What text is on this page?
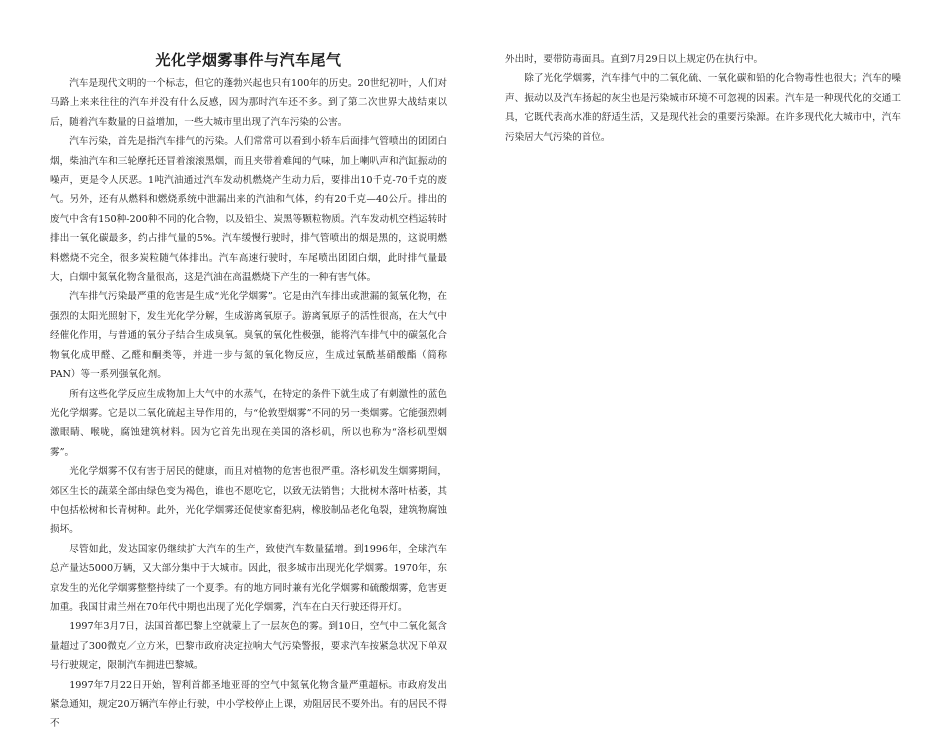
光化学烟雾事件与汽车尾气

汽车是现代文明的一个标志，但它的蓬勃兴起也只有100年的历史。20世纪初叶，人们对马路上来来往往的汽车并没有什么反感，因为那时汽车还不多。到了第二次世界大战结束以后，随着汽车数量的日益增加，一些大城市里出现了汽车污染的公害。

汽车污染，首先是指汽车排气的污染。人们常常可以看到小轿车后面排气管喷出的团团白烟，柴油汽车和三轮摩托还冒着滚滚黑烟，而且夹带着难闻的气味，加上喇叭声和汽缸振动的噪声，更是令人厌恶。1吨汽油通过汽车发动机燃烧产生动力后，要排出10千克-70千克的废气。另外，还有从燃料和燃烧系统中泄漏出来的汽油和气体，约有20千克—40公斤。排出的废气中含有150种-200种不同的化合物，以及铅尘、炭黑等颗粒物质。汽车发动机空档运转时排出一氧化碳最多，约占排气量的5%。汽车缓慢行驶时，排气管喷出的烟是黑的，这说明燃料燃烧不完全，很多炭粒随气体排出。汽车高速行驶时，车尾喷出团团白烟，此时排气量最大，白烟中氮氧化物含量很高，这是汽油在高温燃烧下产生的一种有害气体。

汽车排气污染最严重的危害是生成“光化学烟雾”。它是由汽车排出或泄漏的氮氧化物，在强烈的太阳光照射下，发生光化学分解，生成游离氧原子。游离氧原子的活性很高，在大气中经催化作用，与普通的氧分子结合生成臭氧。臭氧的氧化性极强，能将汽车排气中的碳氢化合物氧化成甲醛、乙醛和酮类等，并进一步与氮的氧化物反应，生成过氧酰基硝酸酯（简称PAN）等一系列强氧化剂。

所有这些化学反应生成物加上大气中的水蒸气，在特定的条件下就生成了有刺激性的蓝色光化学烟雾。它是以二氧化硫起主导作用的，与“伦敦型烟雾”不同的另一类烟雾。它能强烈刺激眼睛、喉咙，腐蚀建筑材料。因为它首先出现在美国的洛杉矶，所以也称为“洛杉矶型烟雾”。

光化学烟雾不仅有害于居民的健康，而且对植物的危害也很严重。洛杉矶发生烟雾期间，郊区生长的蔬菜全部由绿色变为褐色，谁也不愿吃它，以致无法销售；大批树木落叶枯萎，其中包括松树和长青树种。此外，光化学烟雾还促使家畜犯病，橡胶制品老化龟裂，建筑物腐蚀损坏。

尽管如此，发达国家仍继续扩大汽车的生产，致使汽车数量猛增。到1996年，全球汽车总产量达5000万辆，又大部分集中于大城市。因此，很多城市出现光化学烟雾。1970年，东京发生的光化学烟雾整整持续了一个夏季。有的地方同时兼有光化学烟雾和硫酸烟雾，危害更加重。我国甘肃兰州在70年代中期也出现了光化学烟雾，汽车在白天行驶还得开灯。

1997年3月7日，法国首都巴黎上空就蒙上了一层灰色的雾。到10日，空气中二氧化氮含量超过了300微克／立方米，巴黎市政府决定拉响大气污染警报，要求汽车按紧急状况下单双号行驶规定，限制汽车拥进巴黎城。

1997年7月22日开始，智利首都圣地亚哥的空气中氮氧化物含量严重超标。市政府发出紧急通知，规定20万辆汽车停止行驶，中小学校停止上课，劝阻居民不要外出。有的居民不得不

外出时，要带防毒面具。直到7月29日以上规定仍在执行中。

除了光化学烟雾，汽车排气中的二氧化硫、一氧化碳和铅的化合物毒性也很大；汽车的噪声、振动以及汽车扬起的灰尘也是污染城市环境不可忽视的因素。汽车是一种现代化的交通工具，它既代表高水准的舒适生活，又是现代社会的重要污染源。在许多现代化大城市中，汽车污染居大气污染的首位。
